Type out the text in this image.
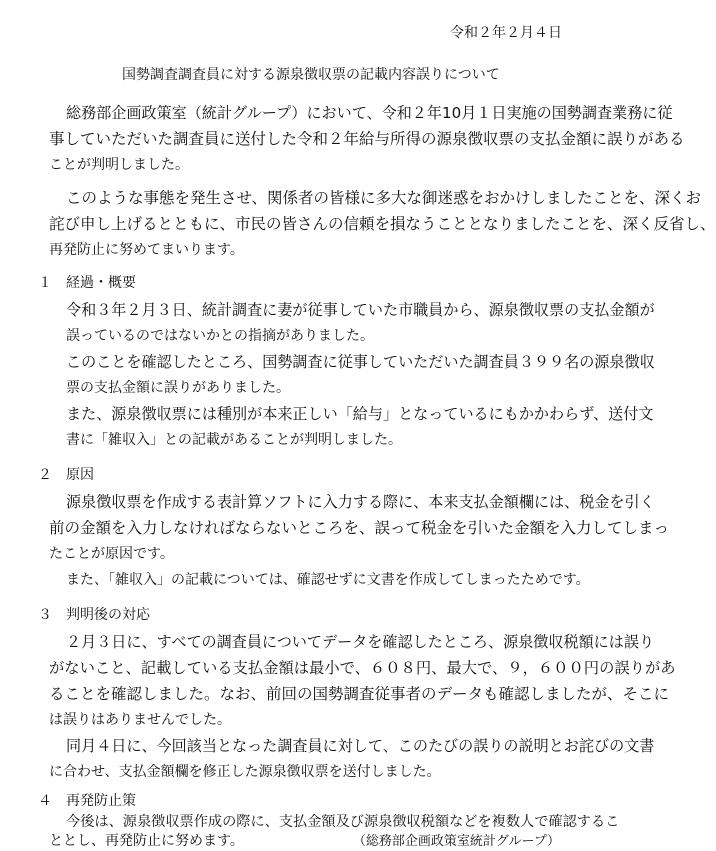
令和２年２月４日
国勢調査調査員に対する源泉徴収票の記載内容誤りについて
総務部企画政策室（統計グループ）において、令和２年10月１日実施の国勢調査業務に従
事していただいた調査員に送付した令和２年給与所得の源泉徴収票の支払金額に誤りがある
ことが判明しました。
このような事態を発生させ、関係者の皆様に多大な御迷惑をおかけしましたことを、深くお
詫び申し上げるとともに、市民の皆さんの信頼を損なうこととなりましたことを、深く反省し、
再発防止に努めてまいります。
１　経過・概要
令和３年２月３日、統計調査に妻が従事していた市職員から、源泉徴収票の支払金額が
誤っているのではないかとの指摘がありました。
このことを確認したところ、国勢調査に従事していただいた調査員３９９名の源泉徴収
票の支払金額に誤りがありました。
また、源泉徴収票には種別が本来正しい「給与」となっているにもかかわらず、送付文
書に「雑収入」との記載があることが判明しました。
２　原因
源泉徴収票を作成する表計算ソフトに入力する際に、本来支払金額欄には、税金を引く
前の金額を入力しなければならないところを、誤って税金を引いた金額を入力してしまっ
たことが原因です。
また、「雑収入」の記載については、確認せずに文書を作成してしまったためです。
３　判明後の対応
２月３日に、すべての調査員についてデータを確認したところ、源泉徴収税額には誤り
がないこと、記載している支払金額は最小で、６０８円、最大で、９，６００円の誤りがあ
ることを確認しました。なお、前回の国勢調査従事者のデータも確認しましたが、そこに
は誤りはありませんでした。
同月４日に、今回該当となった調査員に対して、このたびの誤りの説明とお詫びの文書
に合わせ、支払金額欄を修正した源泉徴収票を送付しました。
４　再発防止策
今後は、源泉徴収票作成の際に、支払金額及び源泉徴収税額などを複数人で確認するこ
ととし、再発防止に努めます。	（総務部企画政策室統計グループ）
